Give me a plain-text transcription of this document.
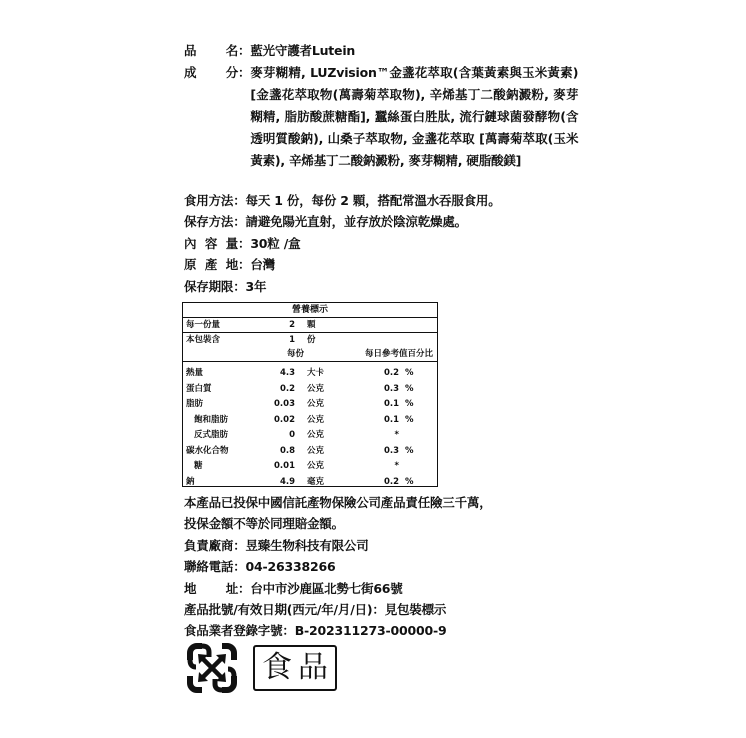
品 名 ： 藍光守護者Lutein
成 分 ： 麥芽糊精, LUZvision™金盞花萃取(含葉黃素與玉米黃素) [金盞花萃取物(萬壽菊萃取物), 辛烯基丁二酸鈉澱粉, 麥芽糊精, 脂肪酸蔗糖酯], 蠶絲蛋白胜肽, 流行鏈球菌發酵物(含透明質酸鈉), 山桑子萃取物, 金盞花萃取 [萬壽菊萃取(玉米黃素), 辛烯基丁二酸鈉澱粉, 麥芽糊精, 硬脂酸鎂]
食用方法 ： 每天 1 份，每份 2 顆，搭配常溫水吞服食用。
保存方法 ： 請避免陽光直射，並存放於陰涼乾燥處。
內 容 量 ： 30粒 /盒
原 產 地 ： 台灣
保存期限 ： 3年
營養標示
每一份量	2 顆
本包裝含	1 份
每份	每日參考值百分比
熱量	4.3 大卡	0.2 %
蛋白質	0.2 公克	0.3 %
脂肪	0.03 公克	0.1 %
飽和脂肪	0.02 公克	0.1 %
反式脂肪	0 公克	*
碳水化合物	0.8 公克	0.3 %
糖	0.01 公克	*
鈉	4.9 毫克	0.2 %
本產品已投保中國信託產物保險公司產品責任險三千萬，
投保金額不等於同理賠金額。
負責廠商 ： 昱臻生物科技有限公司
聯絡電話 ： 04-26338266
地 址 ： 台中市沙鹿區北勢七街66號
產品批號/有效日期(西元/年/月/日) ： 見包裝標示
食品業者登錄字號 ： B-202311273-00000-9
食品
